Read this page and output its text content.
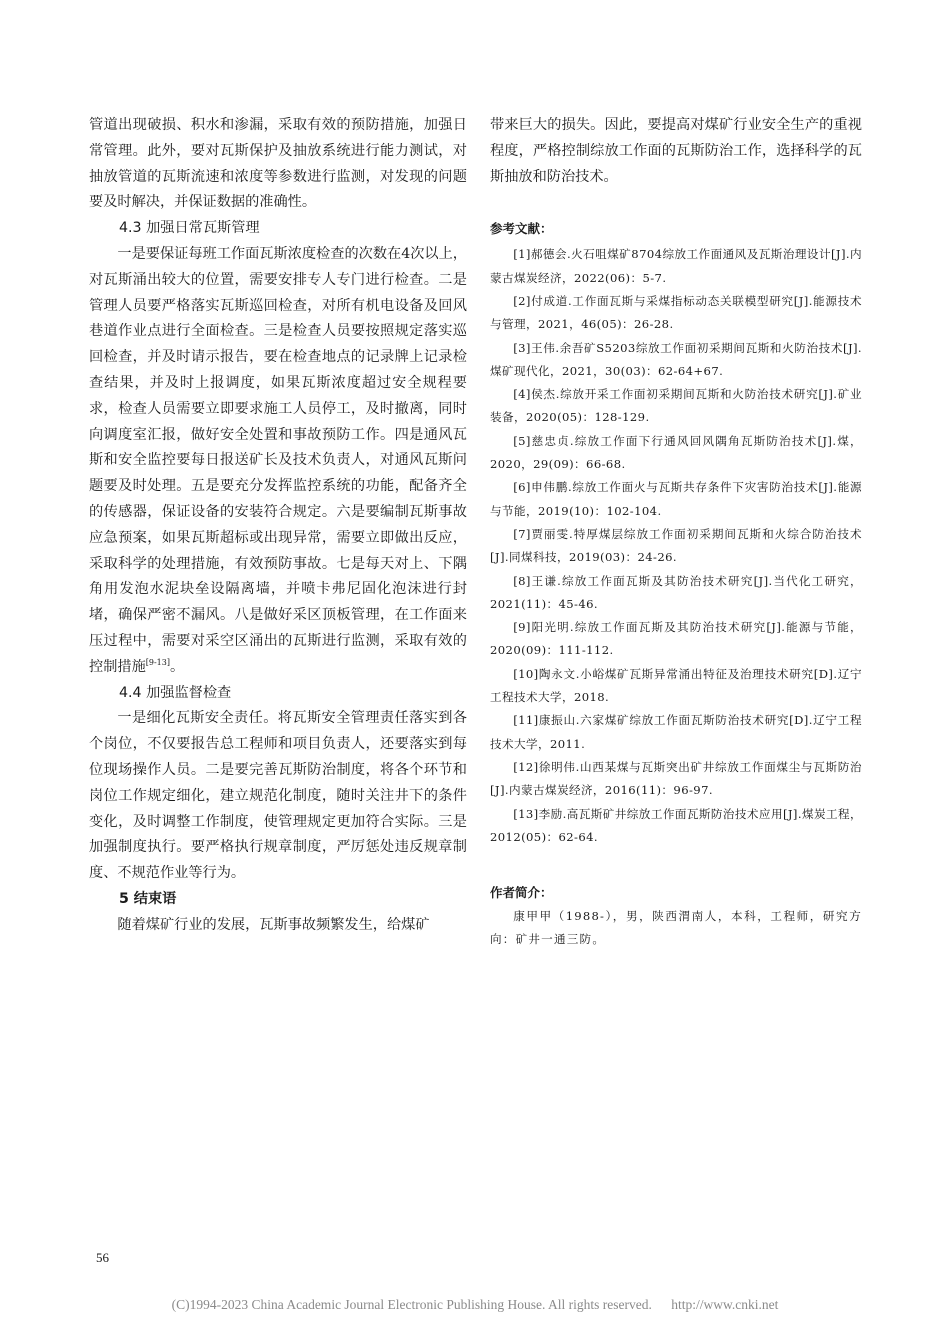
管道出现破损、积水和渗漏，采取有效的预防措施，加强日常管理。此外，要对瓦斯保护及抽放系统进行能力测试，对抽放管道的瓦斯流速和浓度等参数进行监测，对发现的问题要及时解决，并保证数据的准确性。

4.3 加强日常瓦斯管理

一是要保证每班工作面瓦斯浓度检查的次数在4次以上，对瓦斯涌出较大的位置，需要安排专人专门进行检查。二是管理人员要严格落实瓦斯巡回检查，对所有机电设备及回风巷道作业点进行全面检查。三是检查人员要按照规定落实巡回检查，并及时请示报告，要在检查地点的记录牌上记录检查结果，并及时上报调度，如果瓦斯浓度超过安全规程要求，检查人员需要立即要求施工人员停工，及时撤离，同时向调度室汇报，做好安全处置和事故预防工作。四是通风瓦斯和安全监控要每日报送矿长及技术负责人，对通风瓦斯问题要及时处理。五是要充分发挥监控系统的功能，配备齐全的传感器，保证设备的安装符合规定。六是要编制瓦斯事故应急预案，如果瓦斯超标或出现异常，需要立即做出反应，采取科学的处理措施，有效预防事故。七是每天对上、下隅角用发泡水泥块垒设隔离墙，并喷卡弗尼固化泡沫进行封堵，确保严密不漏风。八是做好采区顶板管理，在工作面来压过程中，需要对采空区涌出的瓦斯进行监测，采取有效的控制措施[9-13]。

4.4 加强监督检查

一是细化瓦斯安全责任。将瓦斯安全管理责任落实到各个岗位，不仅要报告总工程师和项目负责人，还要落实到每位现场操作人员。二是要完善瓦斯防治制度，将各个环节和岗位工作规定细化，建立规范化制度，随时关注井下的条件变化，及时调整工作制度，使管理规定更加符合实际。三是加强制度执行。要严格执行规章制度，严厉惩处违反规章制度、不规范作业等行为。

5 结束语

随着煤矿行业的发展，瓦斯事故频繁发生，给煤矿

带来巨大的损失。因此，要提高对煤矿行业安全生产的重视程度，严格控制综放工作面的瓦斯防治工作，选择科学的瓦斯抽放和防治技术。

参考文献：

[1]郝德会.火石咀煤矿8704综放工作面通风及瓦斯治理设计[J].内蒙古煤炭经济，2022(06)：5-7.

[2]付成道.工作面瓦斯与采煤指标动态关联模型研究[J].能源技术与管理，2021，46(05)：26-28.

[3]王伟.余吾矿S5203综放工作面初采期间瓦斯和火防治技术[J].煤矿现代化，2021，30(03)：62-64+67.

[4]侯杰.综放开采工作面初采期间瓦斯和火防治技术研究[J].矿业装备，2020(05)：128-129.

[5]慈忠贞.综放工作面下行通风回风隅角瓦斯防治技术[J].煤，2020，29(09)：66-68.

[6]申伟鹏.综放工作面火与瓦斯共存条件下灾害防治技术[J].能源与节能，2019(10)：102-104.

[7]贾丽雯.特厚煤层综放工作面初采期间瓦斯和火综合防治技术[J].同煤科技，2019(03)：24-26.

[8]王谦.综放工作面瓦斯及其防治技术研究[J].当代化工研究，2021(11)：45-46.

[9]阳光明.综放工作面瓦斯及其防治技术研究[J].能源与节能，2020(09)：111-112.

[10]陶永文.小峪煤矿瓦斯异常涌出特征及治理技术研究[D].辽宁工程技术大学，2018.

[11]康振山.六家煤矿综放工作面瓦斯防治技术研究[D].辽宁工程技术大学，2011.

[12]徐明伟.山西某煤与瓦斯突出矿井综放工作面煤尘与瓦斯防治[J].内蒙古煤炭经济，2016(11)：96-97.

[13]李励.高瓦斯矿井综放工作面瓦斯防治技术应用[J].煤炭工程，2012(05)：62-64.

作者简介：

康甲甲（1988-），男，陕西渭南人，本科，工程师，研究方向：矿井一通三防。

56
(C)1994-2023 China Academic Journal Electronic Publishing House. All rights reserved. http://www.cnki.net
